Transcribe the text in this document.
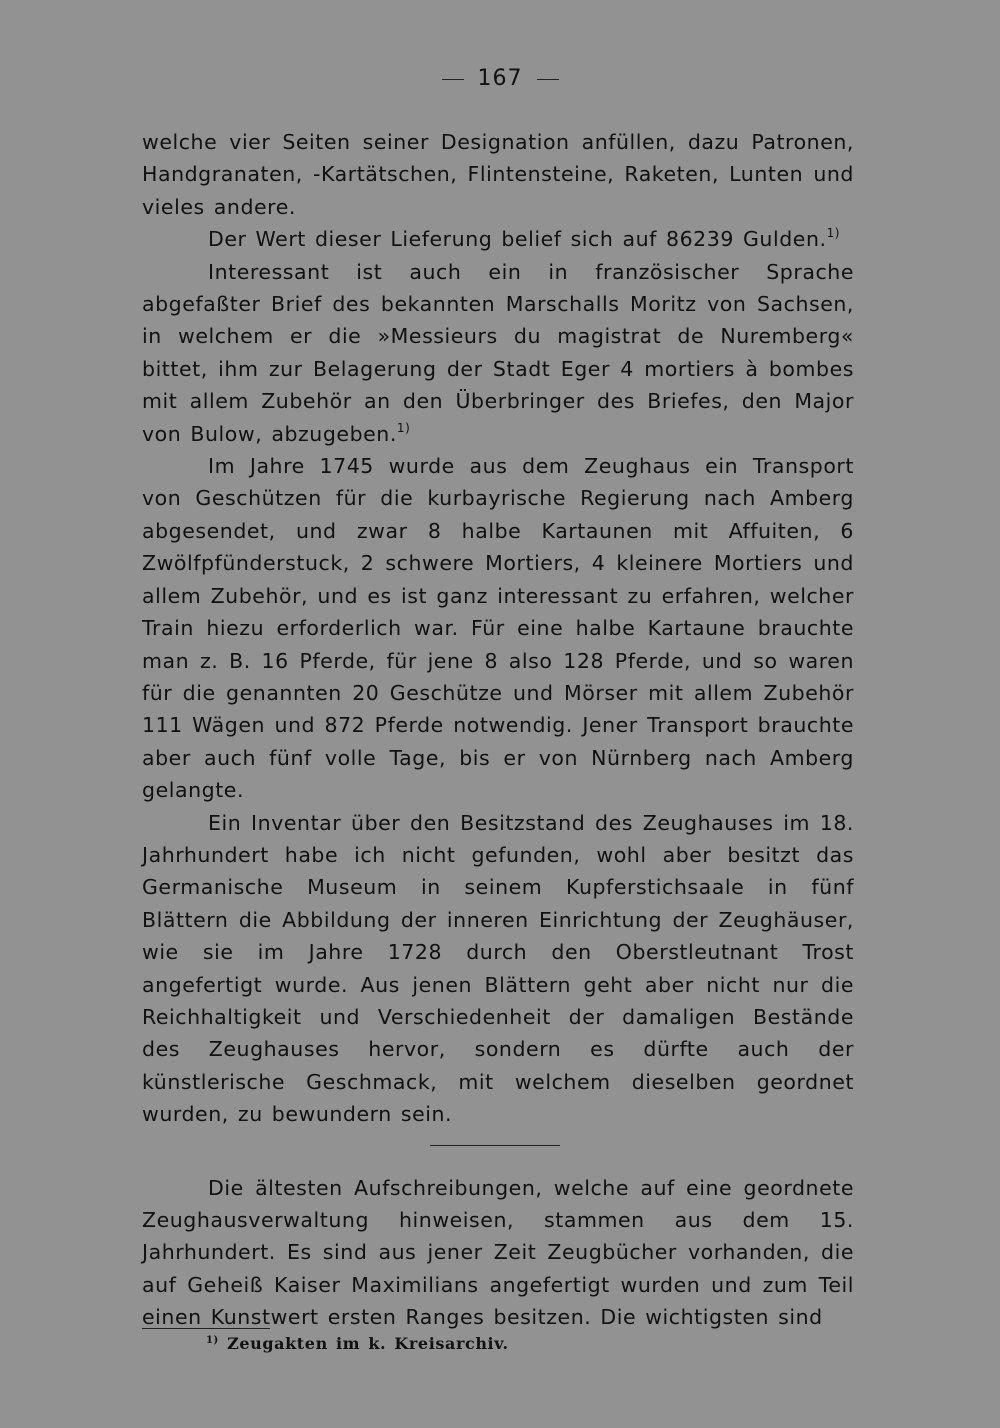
167

welche vier Seiten seiner Designation anfüllen, dazu Patronen, Handgranaten, -Kartätschen, Flintensteine, Raketen, Lunten und vieles andere.

Der Wert dieser Lieferung belief sich auf 86239 Gulden.$^{1)}$

Interessant ist auch ein in französischer Sprache abgefaßter Brief des bekannten Marschalls Moritz von Sachsen, in welchem er die »Messieurs du magistrat de Nuremberg« bittet, ihm zur Belagerung der Stadt Eger 4 mortiers à bombes mit allem Zubehör an den Überbringer des Briefes, den Major von Bulow, abzugeben.$^{1)}$

Im Jahre 1745 wurde aus dem Zeughaus ein Transport von Geschützen für die kurbayrische Regierung nach Amberg abgesendet, und zwar 8 halbe Kartaunen mit Affuiten, 6 Zwölfpfünderstuck, 2 schwere Mortiers, 4 kleinere Mortiers und allem Zubehör, und es ist ganz interessant zu erfahren, welcher Train hiezu erforderlich war. Für eine halbe Kartaune brauchte man z. B. 16 Pferde, für jene 8 also 128 Pferde, und so waren für die genannten 20 Geschütze und Mörser mit allem Zubehör 111 Wägen und 872 Pferde notwendig. Jener Transport brauchte aber auch fünf volle Tage, bis er von Nürnberg nach Amberg gelangte.

Ein Inventar über den Besitzstand des Zeughauses im 18. Jahrhundert habe ich nicht gefunden, wohl aber besitzt das Germanische Museum in seinem Kupferstichsaale in fünf Blättern die Abbildung der inneren Einrichtung der Zeughäuser, wie sie im Jahre 1728 durch den Oberstleutnant Trost angefertigt wurde. Aus jenen Blättern geht aber nicht nur die Reichhaltigkeit und Verschiedenheit der damaligen Bestände des Zeughauses hervor, sondern es dürfte auch der künstlerische Geschmack, mit welchem dieselben geordnet wurden, zu bewundern sein.

Die ältesten Aufschreibungen, welche auf eine geordnete Zeughausverwaltung hinweisen, stammen aus dem 15. Jahrhundert. Es sind aus jener Zeit Zeugbücher vorhanden, die auf Geheiß Kaiser Maximilians angefertigt wurden und zum Teil einen Kunstwert ersten Ranges besitzen. Die wichtigsten sind

$^{1)}$ Zeugakten im k. Kreisarchiv.
